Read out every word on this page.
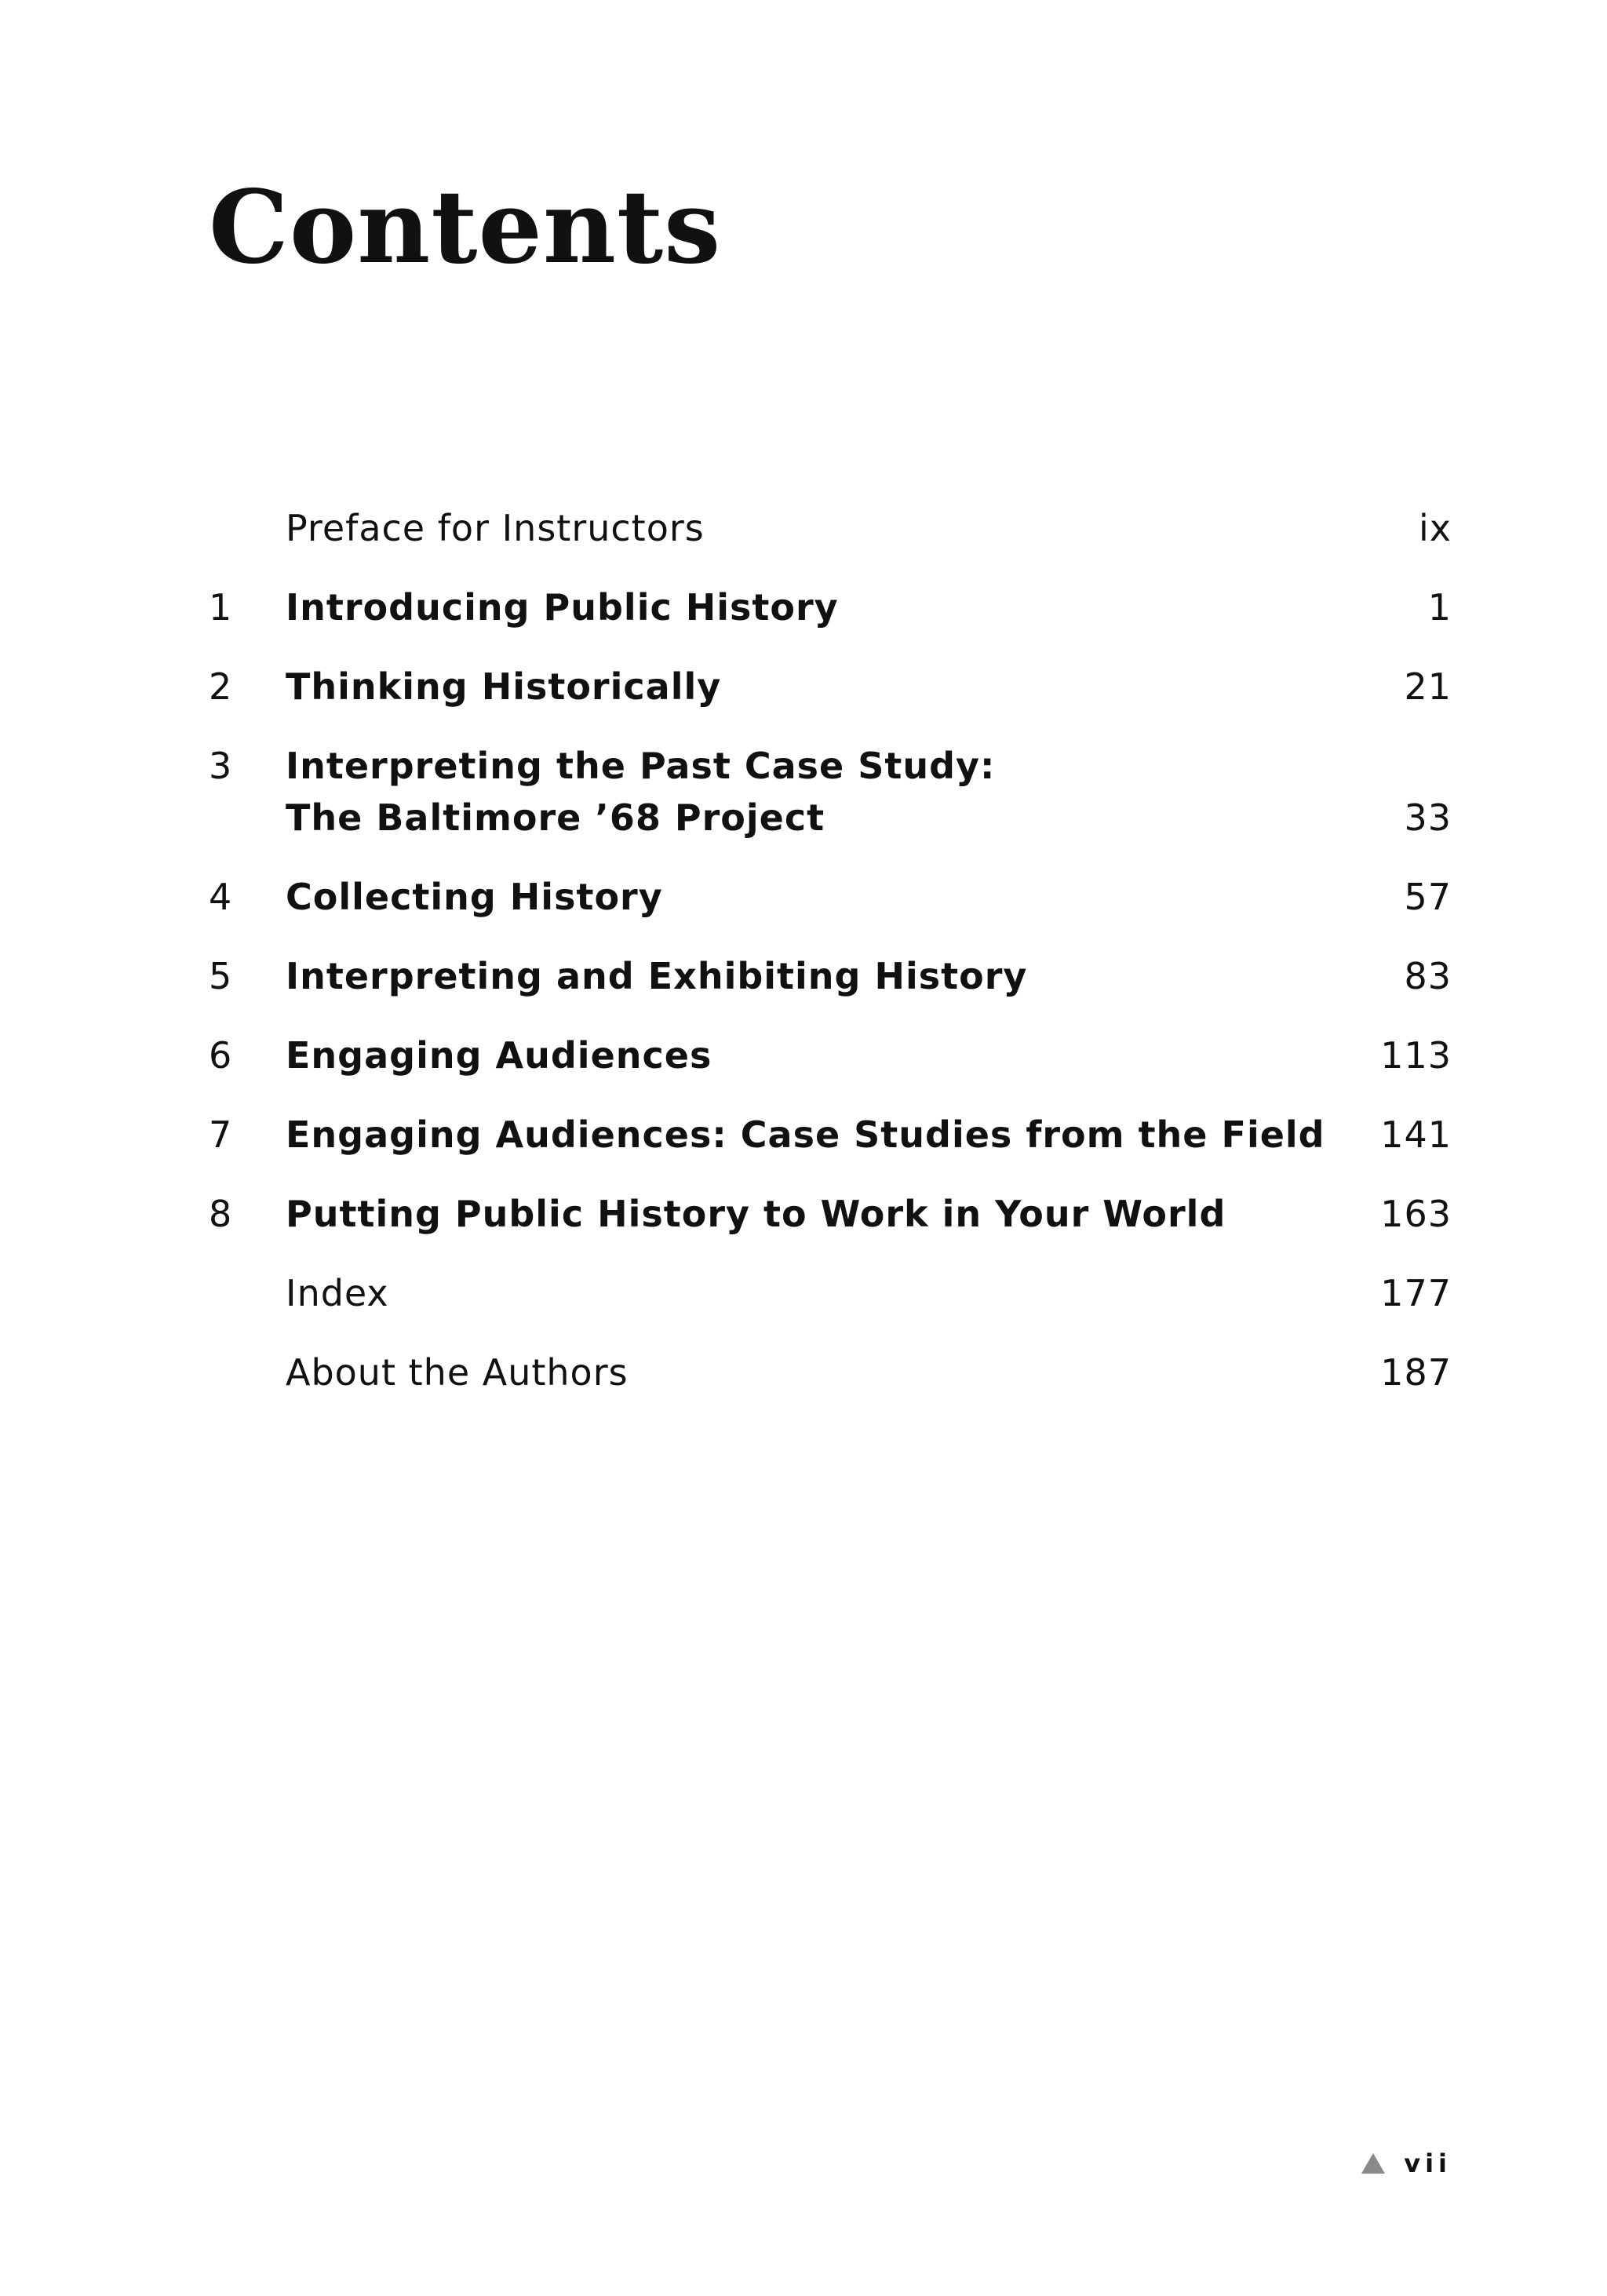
Contents
Preface for Instructors	ix
1	Introducing Public History	1
2	Thinking Historically	21
3	Interpreting the Past Case Study:
The Baltimore ’68 Project	33
4	Collecting History	57
5	Interpreting and Exhibiting History	83
6	Engaging Audiences	113
7	Engaging Audiences: Case Studies from the Field	141
8	Putting Public History to Work in Your World	163
Index	177
About the Authors	187
vii
